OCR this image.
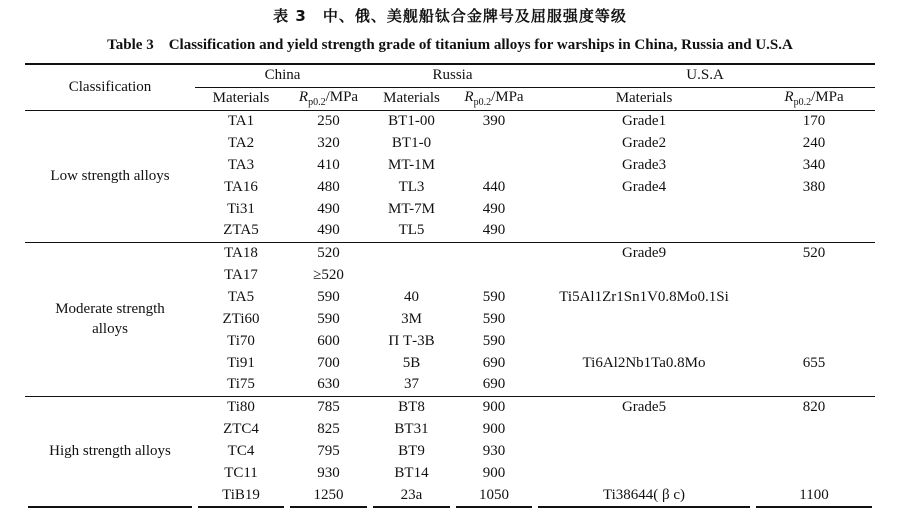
表 3　中、俄、美舰船钛合金牌号及屈服强度等级
Table 3　Classification and yield strength grade of titanium alloys for warships in China, Russia and U.S.A
Classification	China		Russia		U.S.A	
	Materials	$R_{p0.2}$/MPa	Materials	$R_{p0.2}$/MPa	Materials	$R_{p0.2}$/MPa
Low strength alloys	TA1	250	BT1-00	390	Grade1	170
	TA2	320	BT1-0		Grade2	240
	TA3	410	MT-1M		Grade3	340
	TA16	480	TL3	440	Grade4	380
	Ti31	490	MT-7M	490		
	ZTA5	490	TL5	490		
Moderate strength alloys	TA18	520			Grade9	520
	TA17	≥520				
	TA5	590	40	590	Ti5Al1Zr1Sn1V0.8Mo0.1Si	
	ZTi60	590	3M	590		
	Ti70	600	П Т-3В	590		
	Ti91	700	5B	690	Ti6Al2Nb1Ta0.8Mo	655
	Ti75	630	37	690		
High strength alloys	Ti80	785	BT8	900	Grade5	820
	ZTC4	825	BT31	900		
	TC4	795	BT9	930		
	TC11	930	BT14	900		
	TiB19	1250	23a	1050	Ti38644( β c)	1100
